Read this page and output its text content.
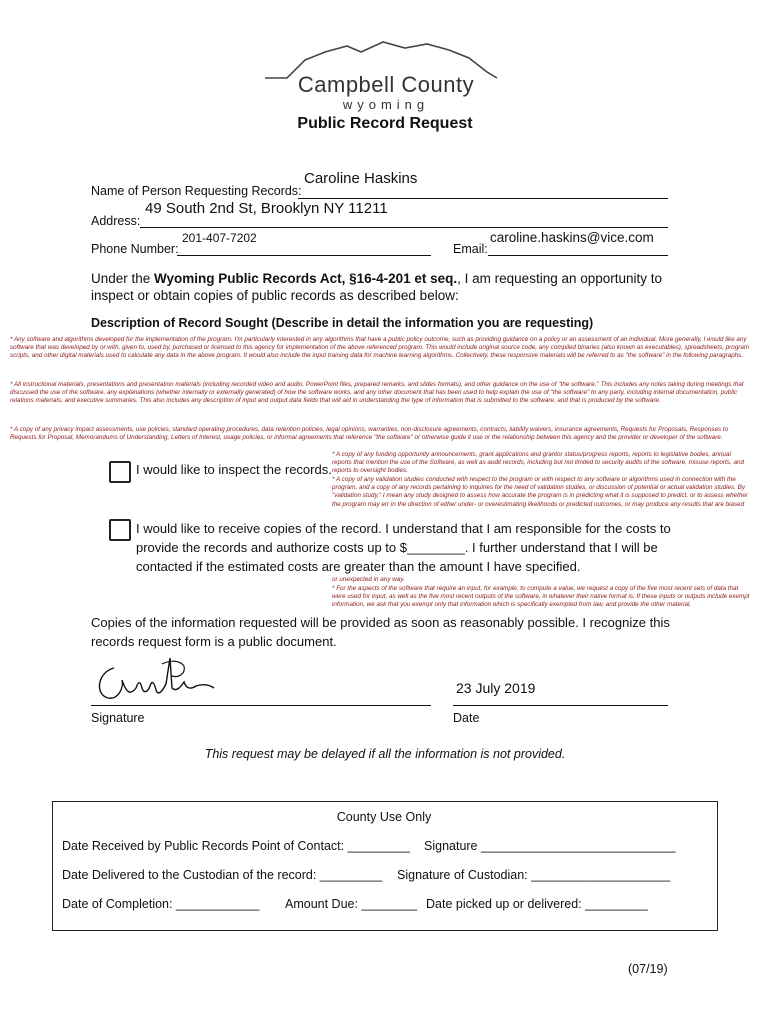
Campbell County
wyoming
Public Record Request
Name of Person Requesting Records:
Caroline Haskins
Address:
49 South 2nd St, Brooklyn NY 11211
Phone Number:
201-407-7202
Email:
caroline.haskins@vice.com
Under the Wyoming Public Records Act, §16-4-201 et seq., I am requesting an opportunity to
inspect or obtain copies of public records as described below:
Description of Record Sought (Describe in detail the information you are requesting)
* Any software and algorithms developed for the implementation of the program. I'm particularly interested in any algorithms that have a public policy outcome, such as providing guidance on a policy or an assessment of an individual. More generally, I would like any software that was developed by or with, given to, used by, purchased or licensed to this agency for implementation of the above referenced program. This would include original source code, any compiled binaries (also known as executables), spreadsheets, program scripts, and other digital materials used to calculate any data in the above program. It would also include the input training data for machine learning algorithms. Collectively, these responsive materials will be referred to as "the software" in the following paragraphs.
* All instructional materials, presentations and presentation materials (including recorded video and audio, PowerPoint files, prepared remarks, and slides formats), and other guidance on the use of "the software." This includes any notes taking during meetings that discussed the use of the software, any explanations (whether internally or externally generated) of how the software works, and any other document that has been used to help explain the use of "the software" to any party, including internal documentation, public relations materials, and executive summaries. This also includes any description of input and output data fields that will aid in understanding the type of information that is submitted to the software, and that is produced by the software.
* A copy of any privacy impact assessments, use policies, standard operating procedures, data retention policies, legal opinions, warranties, non-disclosure agreements, contracts, liability waivers, insurance agreements, Requests for Proposals, Responses to Requests for Proposal, Memorandums of Understanding, Letters of Interest, usage policies, or informal agreements that reference "the software" or otherwise guide it use or the relationship between this agency and the provider or developer of the software.
* A copy of any funding opportunity announcements, grant applications and grantor status/progress reports, reports to legislative bodies, annual reports that mention the use of the Software, as well as audit records, including but not limited to security audits of the software, misuse reports, and reports to oversight bodies.
* A copy of any validation studies conducted with respect to the program or with respect to any software or algorithms used in connection with the program, and a copy of any records pertaining to inquiries for the need of validation studies, or discussion of potential or actual validation studies. By "validation study," I mean any study designed to assess how accurate the program is in predicting what it is supposed to predict, or to assess whether the program may err in the direction of either under- or overestimating likelihoods or predicted outcomes, or may produce any results that are biased
I would like to inspect the records.
I would like to receive copies of the record. I understand that I am responsible for the costs to
provide the records and authorize costs up to $________. I further understand that I will be
contacted if the estimated costs are greater than the amount I have specified.
or unexpected in any way.
* For the aspects of the software that require an input, for example, to compute a value, we request a copy of the five most recent sets of data that were used for input, as well as the five most recent outputs of the software, in whatever their native format is. If these inputs or outputs include exempt information, we ask that you exempt only that information which is specifically exempted from law, and provide the other material.
Copies of the information requested will be provided as soon as reasonably possible. I recognize this
records request form is a public document.
Signature
23 July 2019
Date
This request may be delayed if all the information is not provided.
County Use Only
Date Received by Public Records Point of Contact: _________ Signature ____________________________
Date Delivered to the Custodian of the record: _________ Signature of Custodian: ____________________
Date of Completion: ____________ Amount Due: ________ Date picked up or delivered: _________
(07/19)
